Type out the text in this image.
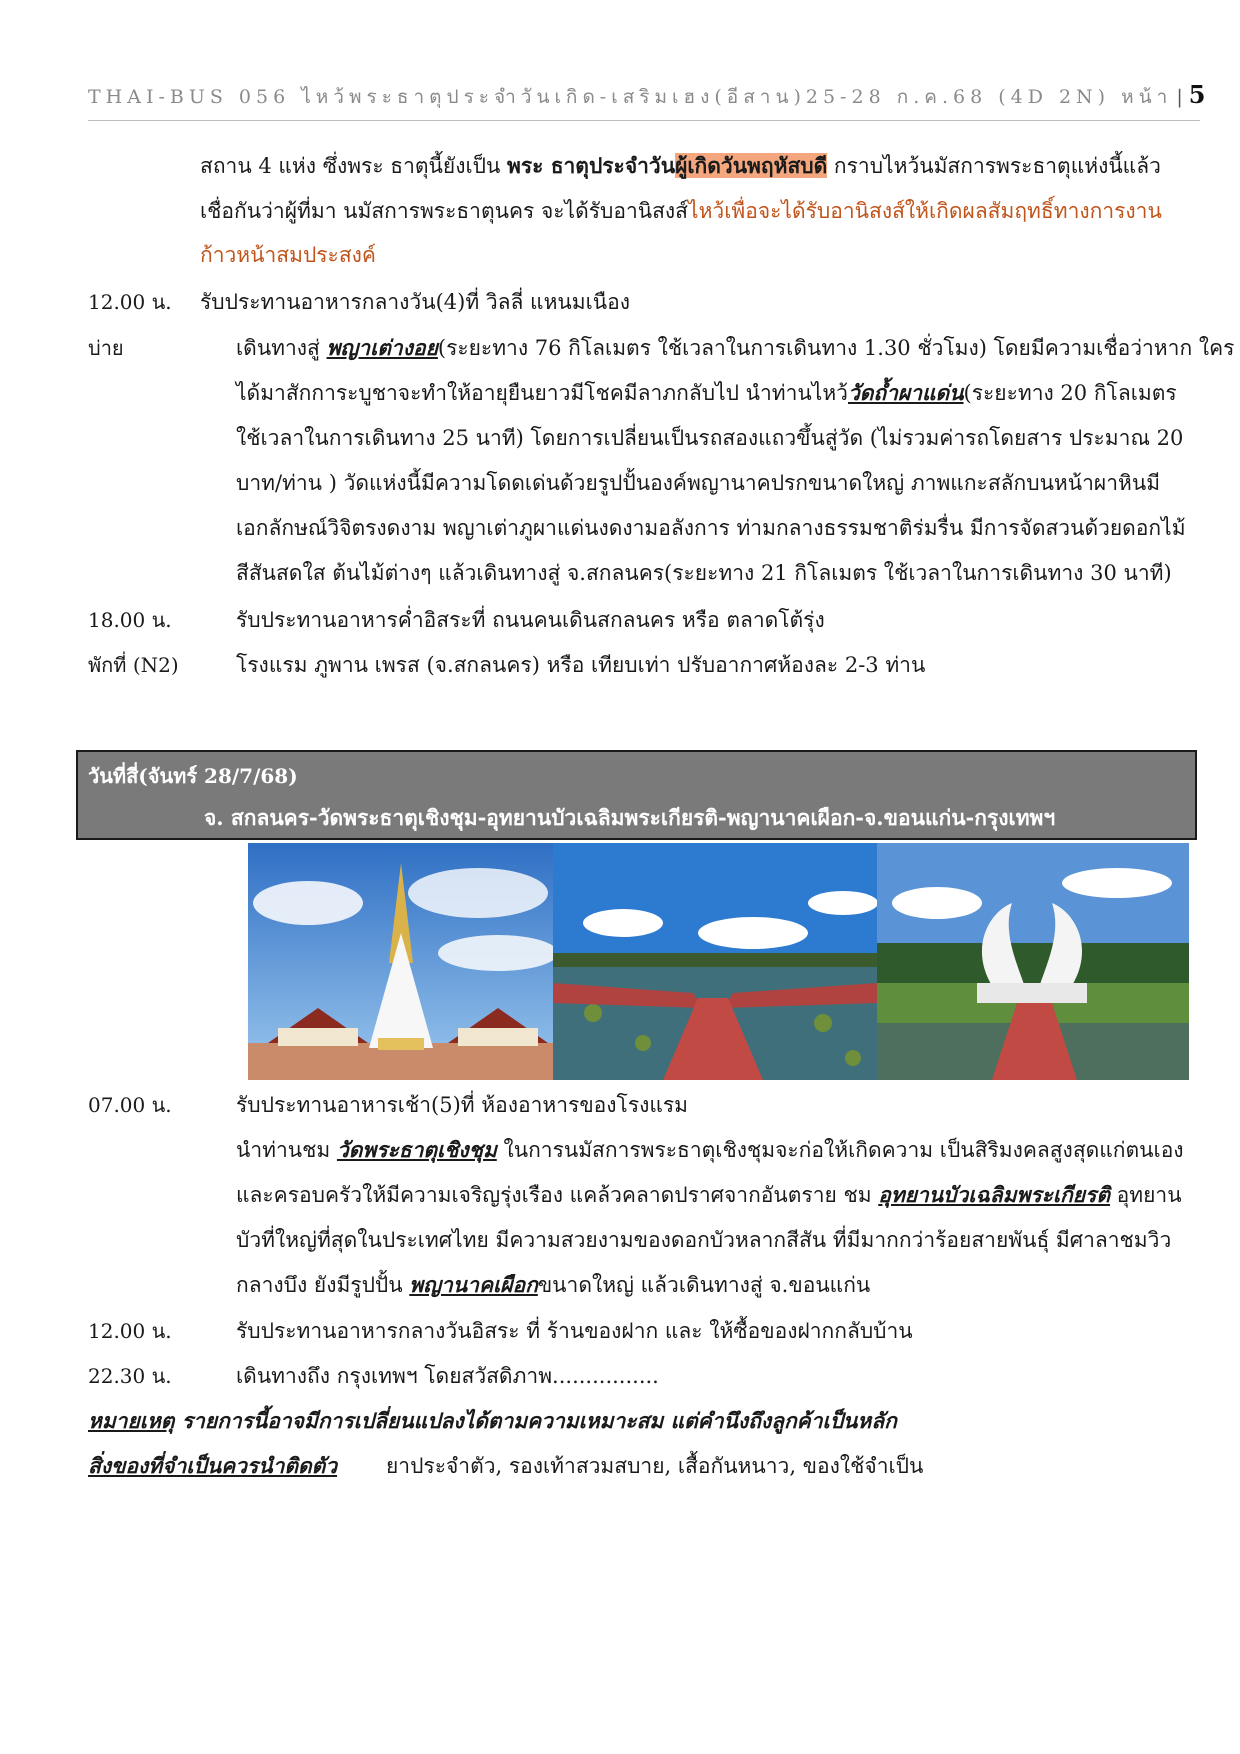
THAI-BUS 056 ไหว้พระธาตุประจำวันเกิด-เสริมเฮง(อีสาน)25-28 ก.ค.68 (4D 2N) หน้า | 5
สถาน 4 แห่ง ซึ่งพระ ธาตุนี้ยังเป็น พระ ธาตุประจำวันผู้เกิดวันพฤหัสบดี กราบไหว้นมัสการพระธาตุแห่งนี้แล้ว
เชื่อกันว่าผู้ที่มา นมัสการพระธาตุนคร จะได้รับอานิสงส์ไหว้เพื่อจะได้รับอานิสงส์ให้เกิดผลสัมฤทธิ์ทางการงาน
ก้าวหน้าสมประสงค์
12.00 น. รับประทานอาหารกลางวัน(4)ที่ วิลลี่ แหนมเนือง
บ่าย	เดินทางสู่ พญาเต่างอย(ระยะทาง 76 กิโลเมตร ใช้เวลาในการเดินทาง 1.30 ชั่วโมง) โดยมีความเชื่อว่าหาก ใคร
ได้มาสักการะบูชาจะทำให้อายุยืนยาวมีโชคมีลาภกลับไป นำท่านไหว้วัดถ้ำผาแด่น(ระยะทาง 20 กิโลเมตร
ใช้เวลาในการเดินทาง 25 นาที) โดยการเปลี่ยนเป็นรถสองแถวขึ้นสู่วัด (ไม่รวมค่ารถโดยสาร ประมาณ 20
บาท/ท่าน ) วัดแห่งนี้มีความโดดเด่นด้วยรูปปั้นองค์พญานาคปรกขนาดใหญ่ ภาพแกะสลักบนหน้าผาหินมี
เอกลักษณ์วิจิตรงดงาม พญาเต่าภูผาแด่นงดงามอลังการ ท่ามกลางธรรมชาติร่มรื่น มีการจัดสวนด้วยดอกไม้
สีสันสดใส ต้นไม้ต่างๆ แล้วเดินทางสู่ จ.สกลนคร(ระยะทาง 21 กิโลเมตร ใช้เวลาในการเดินทาง 30 นาที)
18.00 น.	รับประทานอาหารค่ำอิสระที่ ถนนคนเดินสกลนคร หรือ ตลาดโต้รุ่ง
พักที่ (N2)	โรงแรม ภูพาน เพรส (จ.สกลนคร) หรือ เทียบเท่า ปรับอากาศห้องละ 2-3 ท่าน
วันที่สี่(จันทร์ 28/7/68)
จ. สกลนคร-วัดพระธาตุเชิงชุม-อุทยานบัวเฉลิมพระเกียรติ-พญานาคเผือก-จ.ขอนแก่น-กรุงเทพฯ
07.00 น.	รับประทานอาหารเช้า(5)ที่ ห้องอาหารของโรงแรม
นำท่านชม วัดพระธาตุเชิงชุม ในการนมัสการพระธาตุเชิงชุมจะก่อให้เกิดความ เป็นสิริมงคลสูงสุดแก่ตนเอง
และครอบครัวให้มีความเจริญรุ่งเรือง แคล้วคลาดปราศจากอันตราย ชม อุทยานบัวเฉลิมพระเกียรติ อุทยาน
บัวที่ใหญ่ที่สุดในประเทศไทย มีความสวยงามของดอกบัวหลากสีสัน ที่มีมากกว่าร้อยสายพันธุ์ มีศาลาชมวิว
กลางบึง ยังมีรูปปั้น พญานาคเผือกขนาดใหญ่ แล้วเดินทางสู่ จ.ขอนแก่น
12.00 น.	รับประทานอาหารกลางวันอิสระ ที่ ร้านของฝาก และ ให้ซื้อของฝากกลับบ้าน
22.30 น.	เดินทางถึง กรุงเทพฯ โดยสวัสดิภาพ................
หมายเหตุ รายการนี้อาจมีการเปลี่ยนแปลงได้ตามความเหมาะสม แต่คำนึงถึงลูกค้าเป็นหลัก
สิ่งของที่จำเป็นควรนำติดตัว ยาประจำตัว, รองเท้าสวมสบาย, เสื้อกันหนาว, ของใช้จำเป็น
